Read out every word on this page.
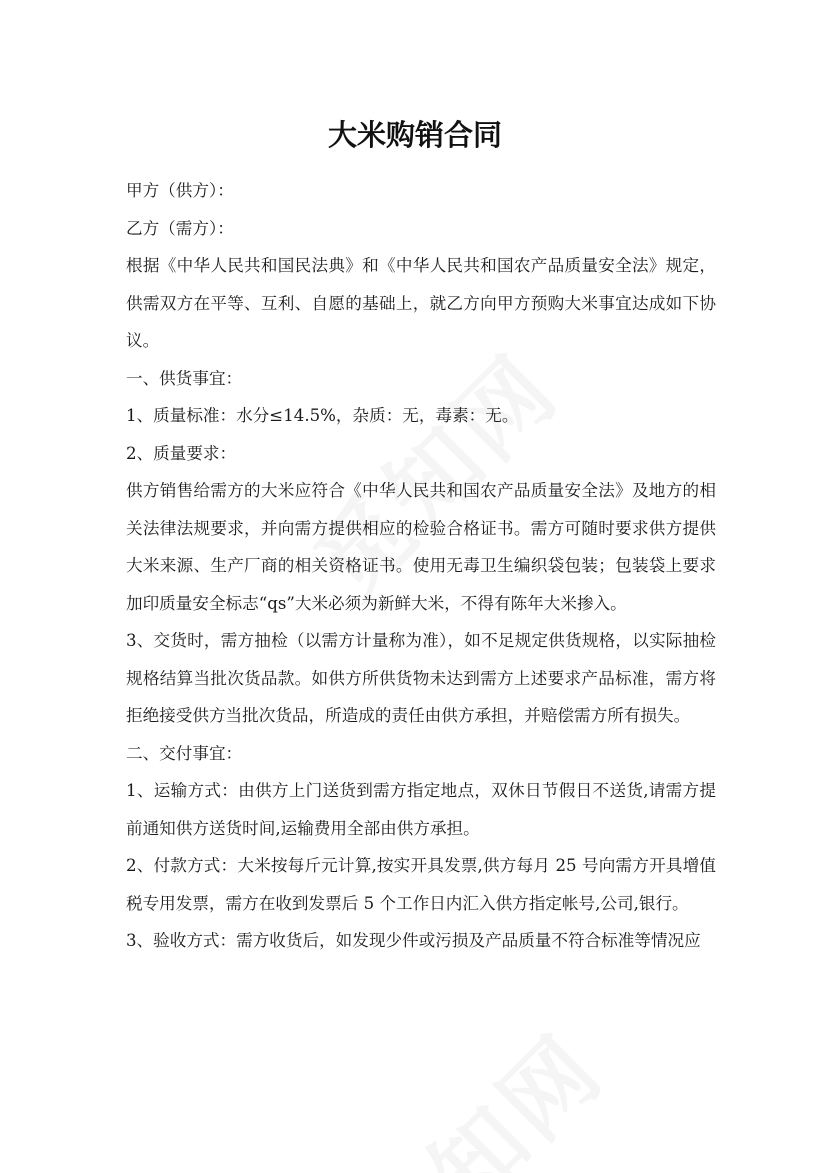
大米购销合同

甲方（供方）：

乙方（需方）：

根据《中华人民共和国民法典》和《中华人民共和国农产品质量安全法》规定，供需双方在平等、互利、自愿的基础上，就乙方向甲方预购大米事宜达成如下协议。

一、供货事宜：

1、质量标准：水分≤14.5%，杂质：无，毒素：无。

2、质量要求：

供方销售给需方的大米应符合《中华人民共和国农产品质量安全法》及地方的相关法律法规要求，并向需方提供相应的检验合格证书。需方可随时要求供方提供大米来源、生产厂商的相关资格证书。使用无毒卫生编织袋包装；包装袋上要求加印质量安全标志“qs”大米必须为新鲜大米，不得有陈年大米掺入。

3、交货时，需方抽检（以需方计量称为准），如不足规定供货规格，以实际抽检规格结算当批次货品款。如供方所供货物未达到需方上述要求产品标准，需方将拒绝接受供方当批次货品，所造成的责任由供方承担，并赔偿需方所有损失。

二、交付事宜：

1、运输方式：由供方上门送货到需方指定地点，双休日节假日不送货,请需方提前通知供方送货时间,运输费用全部由供方承担。

2、付款方式：大米按每斤元计算,按实开具发票,供方每月 25 号向需方开具增值税专用发票，需方在收到发票后 5 个工作日内汇入供方指定帐号,公司,银行。

3、验收方式：需方收货后，如发现少件或污损及产品质量不符合标准等情况应
